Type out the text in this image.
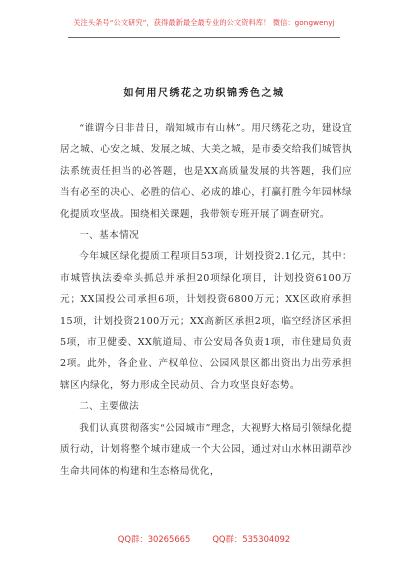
关注头条号“公文研究”，获得最新最全最专业的公文资料库！ 微信：gongwenyj
如何用尺绣花之功织锦秀色之城

“谁谓今日非昔日，端知城市有山林”。用尺绣花之功，建设宜居之城、心安之城、发展之城、大美之城，是市委交给我们城管执法系统责任担当的必答题，也是XX高质量发展的共答题，我们应当有必至的决心、必胜的信心、必成的雄心，打赢打胜今年园林绿化提质攻坚战。围绕相关课题，我带领专班开展了调查研究。

一、基本情况

今年城区绿化提质工程项目53项，计划投资2.1亿元，其中：市城管执法委牵头抓总并承担20项绿化项目，计划投资6100万元；XX国投公司承担6项，计划投资6800万元；XX区政府承担15项，计划投资2100万元；XX高新区承担2项，临空经济区承担5项，市卫健委、XX航道局、市公安局各负责1项，市住建局负责2项。此外，各企业、产权单位、公园风景区都出资出力出劳承担辖区内绿化，努力形成全民动员、合力攻坚良好态势。

二、主要做法

我们认真贯彻落实“公园城市”理念，大视野大格局引领绿化提质行动，计划将整个城市建成一个大公园，通过对山水林田湖草沙生命共同体的构建和生态格局优化，

QQ群：30265665	QQ群：535304092
